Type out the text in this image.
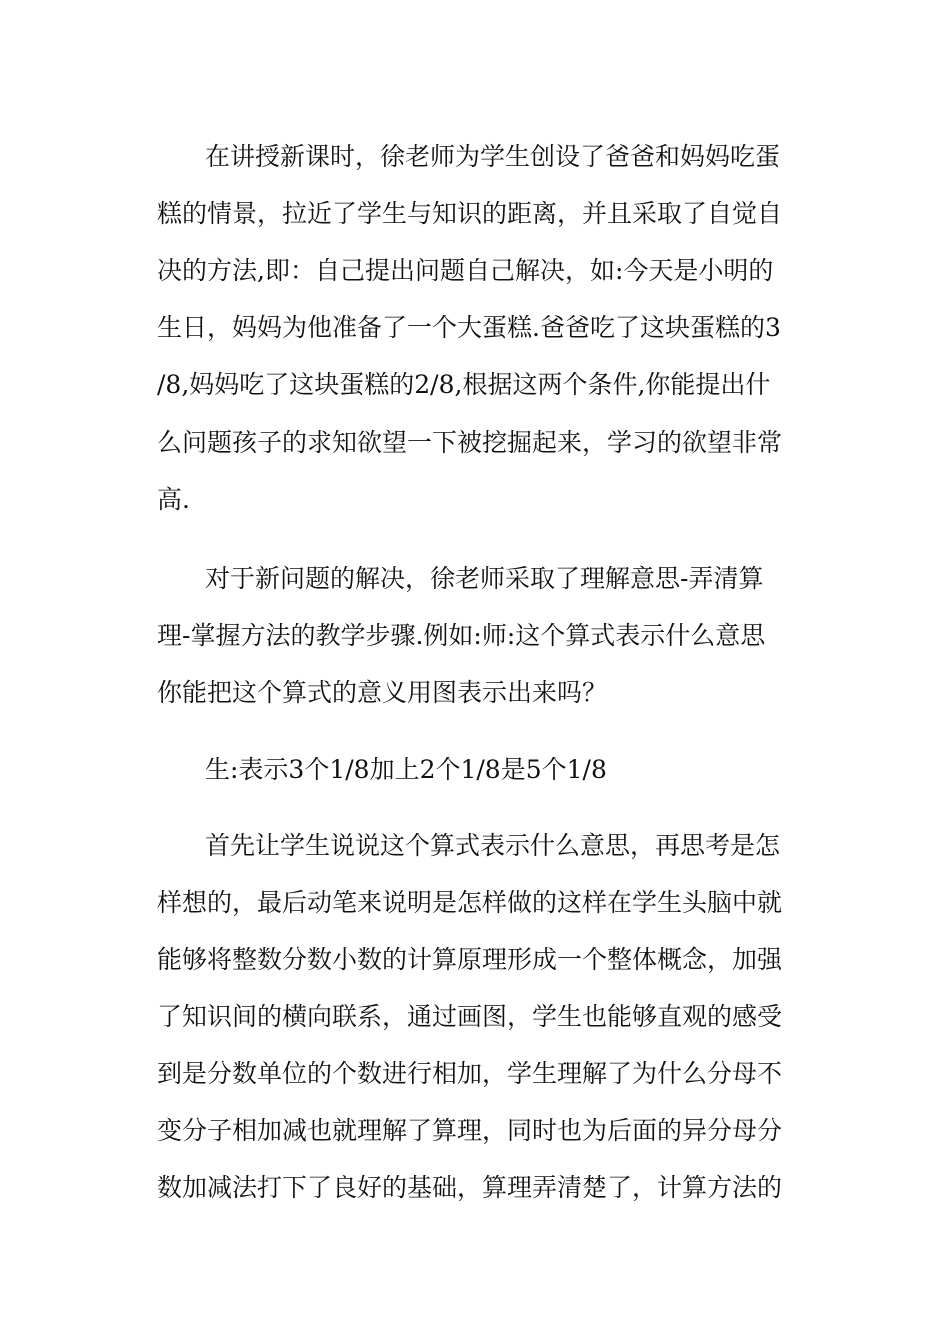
在讲授新课时，徐老师为学生创设了爸爸和妈妈吃蛋
糕的情景，拉近了学生与知识的距离，并且采取了自觉自
决的方法,即：自己提出问题自己解决，如:今天是小明的
生日，妈妈为他准备了一个大蛋糕.爸爸吃了这块蛋糕的3
/8,妈妈吃了这块蛋糕的2/8,根据这两个条件,你能提出什
么问题孩子的求知欲望一下被挖掘起来，学习的欲望非常
高.
对于新问题的解决，徐老师采取了理解意思-弄清算
理-掌握方法的教学步骤.例如:师:这个算式表示什么意思
你能把这个算式的意义用图表示出来吗？
生:表示3个1/8加上2个1/8是5个1/8
首先让学生说说这个算式表示什么意思，再思考是怎
样想的，最后动笔来说明是怎样做的这样在学生头脑中就
能够将整数分数小数的计算原理形成一个整体概念，加强
了知识间的横向联系，通过画图，学生也能够直观的感受
到是分数单位的个数进行相加，学生理解了为什么分母不
变分子相加减也就理解了算理，同时也为后面的异分母分
数加减法打下了良好的基础，算理弄清楚了，计算方法的
